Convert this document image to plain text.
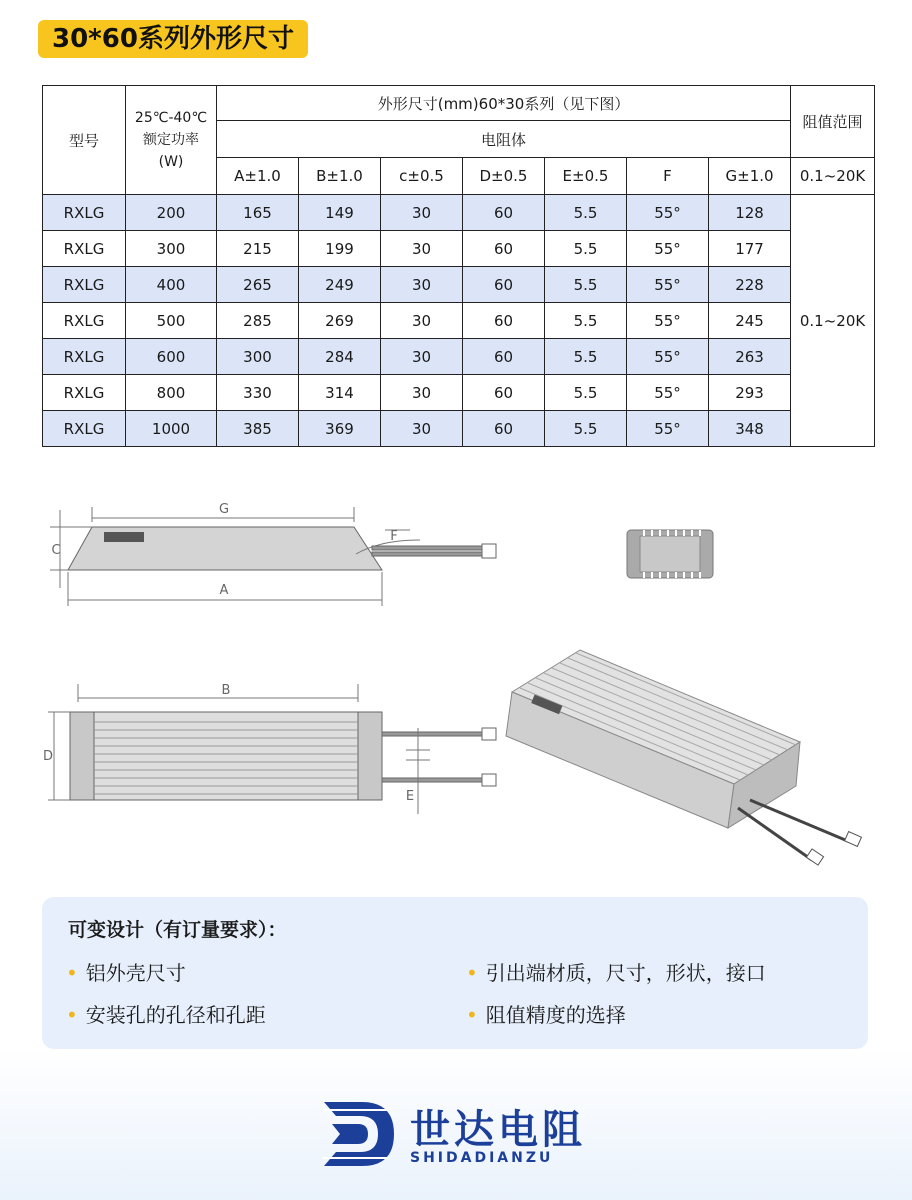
30*60系列外形尺寸
型号	25℃-40℃
额定功率
(W)	外形尺寸(mm)60*30系列（见下图）							阻值范围
		电阻体							
		A±1.0	B±1.0	c±0.5	D±0.5	E±0.5	F	G±1.0	0.1~20K
RXLG	200	165	149	30	60	5.5	55°	128	0.1~20K
RXLG	300	215	199	30	60	5.5	55°	177	
RXLG	400	265	249	30	60	5.5	55°	228	
RXLG	500	285	269	30	60	5.5	55°	245	
RXLG	600	300	284	30	60	5.5	55°	263	
RXLG	800	330	314	30	60	5.5	55°	293	
RXLG	1000	385	369	30	60	5.5	55°	348	
G
C
F
A
B
D
E
可变设计（有订量要求）：
• 铝外壳尺寸	• 引出端材质，尺寸，形状，接口
• 安装孔的孔径和孔距	• 阻值精度的选择
世达电阻
SHIDADIANZU
